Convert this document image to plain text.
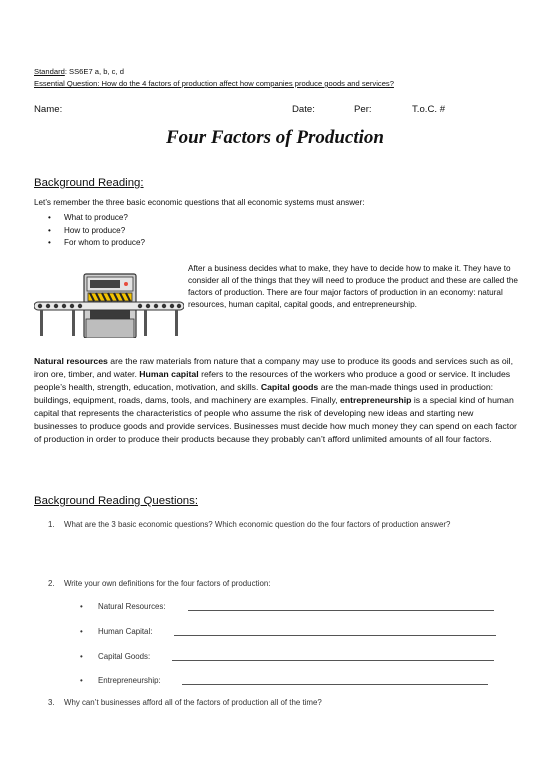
Standard: SS6E7 a, b, c, d
Essential Question: How do the 4 factors of production affect how companies produce goods and services?
Name:	Date:	Per:	T.o.C. #
Four Factors of Production
Background Reading:
Let’s remember the three basic economic questions that all economic systems must answer:
• What to produce?
• How to produce?
• For whom to produce?
After a business decides what to make, they have to decide how to make it. They have to consider all of the things that they will need to produce the product and these are called the factors of production. There are four major factors of production in an economy: natural resources, human capital, capital goods, and entrepreneurship.
Natural resources are the raw materials from nature that a company may use to produce its goods and services such as oil, iron ore, timber, and water. Human capital refers to the resources of the workers who produce a good or service. It includes people’s health, strength, education, motivation, and skills. Capital goods are the man-made things used in production: buildings, equipment, roads, dams, tools, and machinery are examples. Finally, entrepreneurship is a special kind of human capital that represents the characteristics of people who assume the risk of developing new ideas and starting new businesses to produce goods and provide services. Businesses must decide how much money they can spend on each factor of production in order to produce their products because they probably can’t afford unlimited amounts of all four factors.
Background Reading Questions:
1. What are the 3 basic economic questions? Which economic question do the four factors of production answer?
2. Write your own definitions for the four factors of production:
• Natural Resources:
• Human Capital:
• Capital Goods:
• Entrepreneurship:
3. Why can’t businesses afford all of the factors of production all of the time?
